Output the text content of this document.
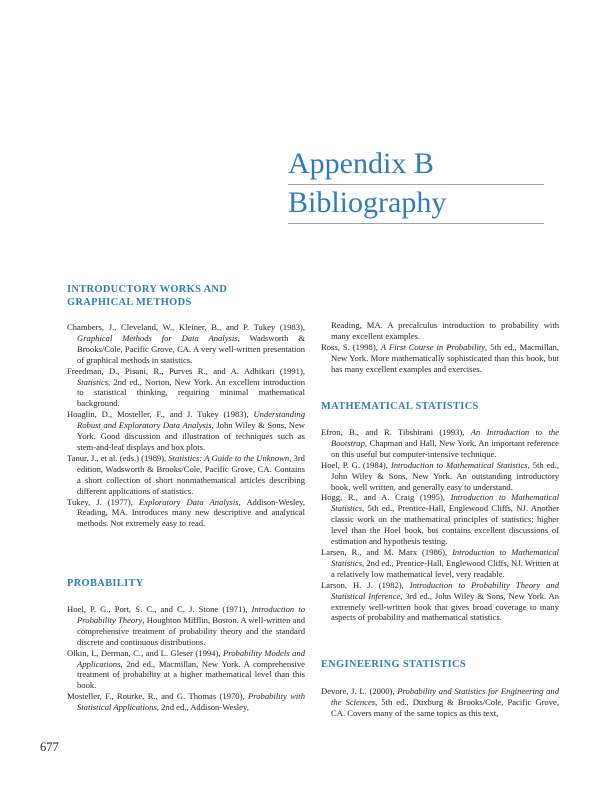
Appendix B
Bibliography
INTRODUCTORY WORKS AND
GRAPHICAL METHODS

Chambers, J., Cleveland, W., Kleiner, B., and P. Tukey (1983), Graphical Methods for Data Analysis, Wadsworth & Brooks/Cole, Pacific Grove, CA. A very well-written presentation of graphical methods in statistics.

Freedman, D., Pisani, R., Purves R., and A. Adhikari (1991), Statistics, 2nd ed., Norton, New York. An excellent introduction to statistical thinking, requiring minimal mathematical background.

Hoaglin, D., Mosteller, F., and J. Tukey (1983), Understanding Robust and Exploratory Data Analysis, John Wiley & Sons, New York. Good discussion and illustration of techniques such as stem-and-leaf displays and box plots.

Tanur, J., et al. (eds.) (1989), Statistics: A Guide to the Unknown, 3rd edition, Wadsworth & Brooks/Cole, Pacific Grove, CA. Contains a short collection of short nonmathematical articles describing different applications of statistics.

Tukey, J. (1977), Exploratory Data Analysis, Addison-Wesley, Reading, MA. Introduces many new descriptive and analytical methods. Not extremely easy to read.

PROBABILITY

Hoel, P. G., Port, S. C., and C. J. Stone (1971), Introduction to Probability Theory, Houghton Mifflin, Boston. A well-written and comprehensive treatment of probability theory and the standard discrete and continuous distributions.

Olkin, I., Derman, C., and L. Gleser (1994), Probability Models and Applications, 2nd ed., Macmillan, New York. A comprehensive treatment of probability at a higher mathematical level than this book.

Mosteller, F., Rourke, R., and G. Thomas (1970), Probability with Statistical Applications, 2nd ed., Addison-Wesley,

Reading, MA. A precalculus introduction to probability with many excellent examples.

Ross, S. (1998), A First Course in Probability, 5th ed., Macmillan, New York. More mathematically sophisticated than this book, but has many excellent examples and exercises.

MATHEMATICAL STATISTICS

Efron, B., and R. Tibshirani (1993), An Introduction to the Bootstrap, Chapman and Hall, New York. An important reference on this useful but computer-intensive technique.

Hoel, P. G. (1984), Introduction to Mathematical Statistics, 5th ed., John Wiley & Sons, New York. An outstanding introductory book, well written, and generally easy to understand.

Hogg, R., and A. Craig (1995), Introduction to Mathematical Statistics, 5th ed., Prentice-Hall, Englewood Cliffs, NJ. Another classic work on the mathematical principles of statistics; higher level than the Hoel book, but contains excellent discussions of estimation and hypothesis testing.

Larsen, R., and M. Marx (1986), Introduction to Mathematical Statistics, 2nd ed., Prentice-Hall, Englewood Cliffs, NJ. Written at a relatively low mathematical level, very readable.

Larson, H. J. (1982), Introduction to Probability Theory and Statistical Inference, 3rd ed., John Wiley & Sons, New York. An extremely well-written book that gives broad coverage to many aspects of probability and mathematical statistics.

ENGINEERING STATISTICS

Devore, J. L. (2000), Probability and Statistics for Engineering and the Sciences, 5th ed., Duxburg & Brooks/Cole, Pacific Grove, CA. Covers many of the same topics as this text,

677
